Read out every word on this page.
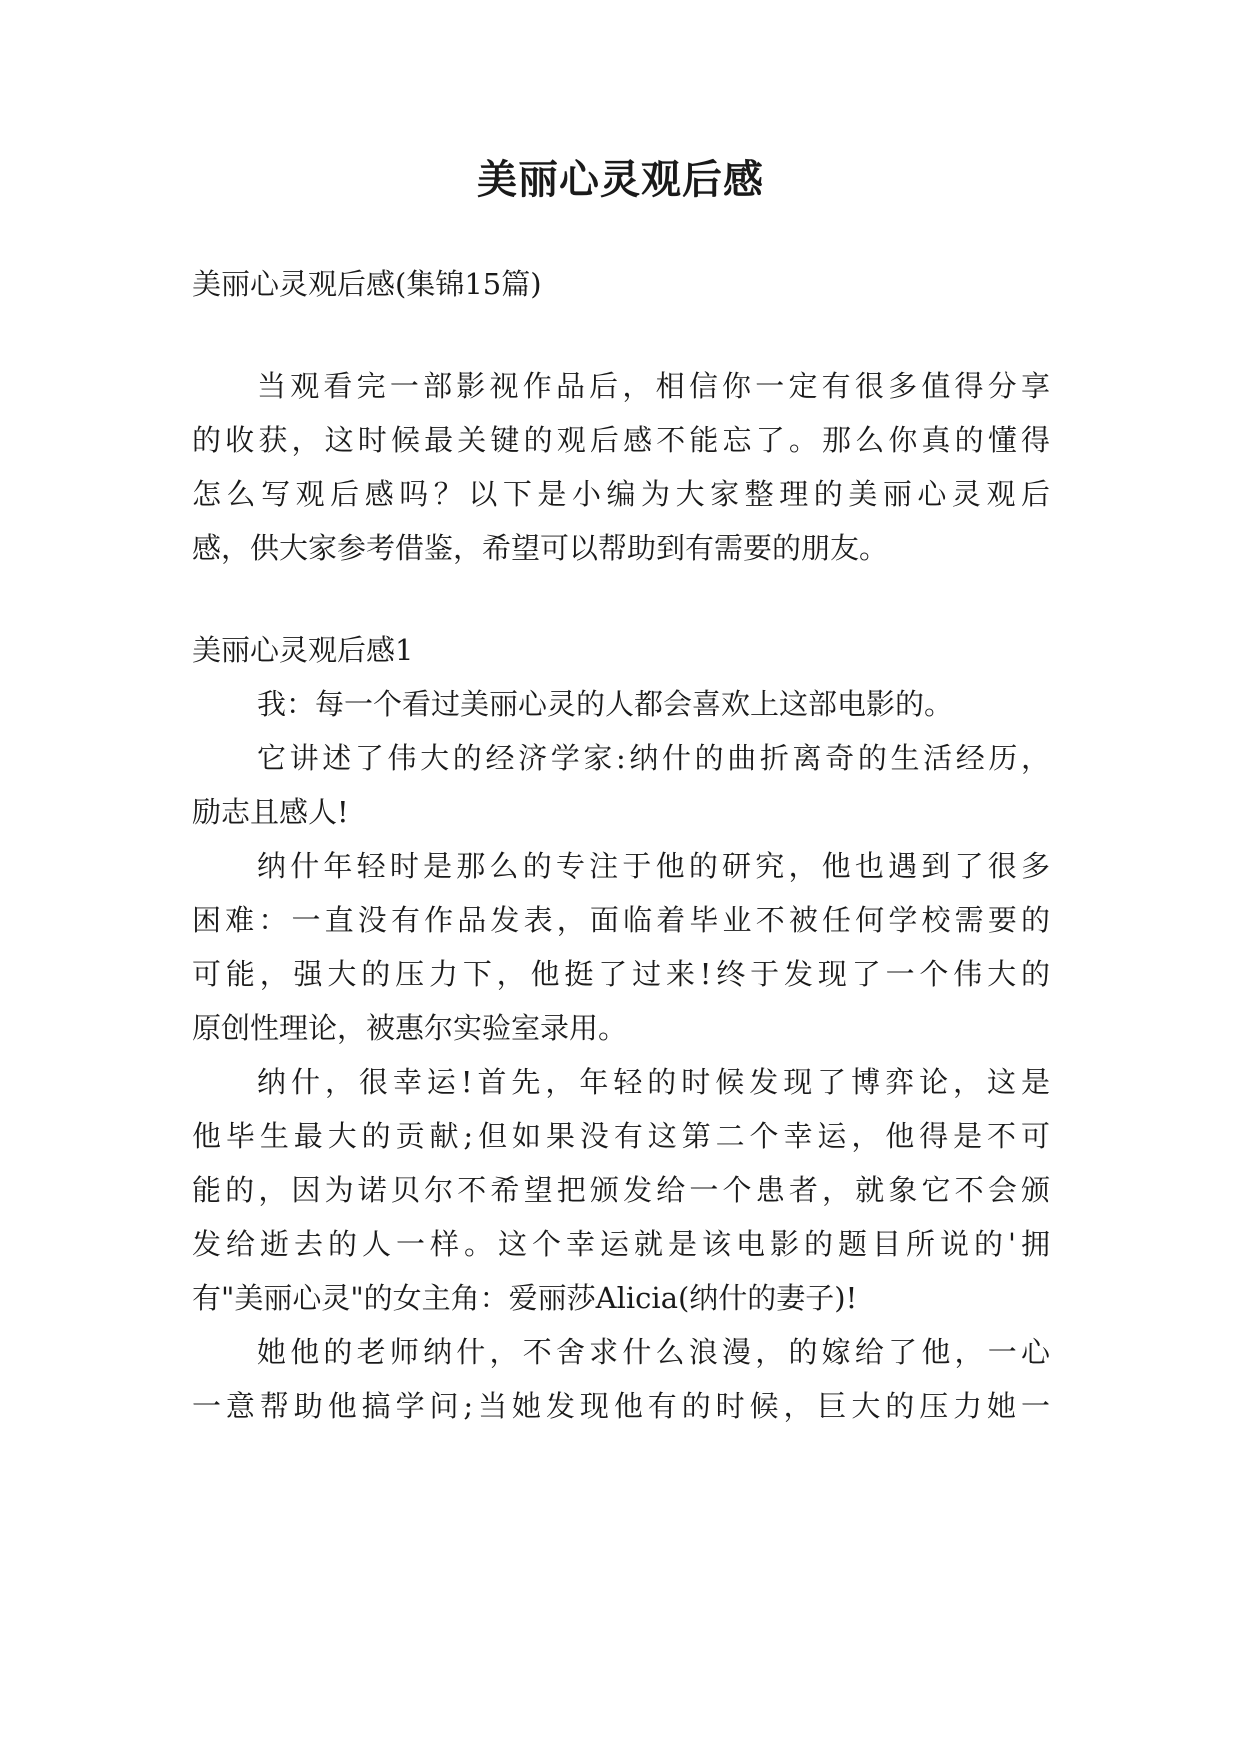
美丽心灵观后感

美丽心灵观后感(集锦15篇)

当观看完一部影视作品后，相信你一定有很多值得分享

的收获，这时候最关键的观后感不能忘了。那么你真的懂得

怎么写观后感吗？以下是小编为大家整理的美丽心灵观后

感，供大家参考借鉴，希望可以帮助到有需要的朋友。

美丽心灵观后感1

我：每一个看过美丽心灵的人都会喜欢上这部电影的。

它讲述了伟大的经济学家:纳什的曲折离奇的生活经历，

励志且感人!

纳什年轻时是那么的专注于他的研究，他也遇到了很多

困难：一直没有作品发表，面临着毕业不被任何学校需要的

可能，强大的压力下，他挺了过来!终于发现了一个伟大的

原创性理论，被惠尔实验室录用。

纳什，很幸运!首先，年轻的时候发现了博弈论，这是

他毕生最大的贡献;但如果没有这第二个幸运，他得是不可

能的，因为诺贝尔不希望把颁发给一个患者，就象它不会颁

发给逝去的人一样。这个幸运就是该电影的题目所说的'拥

有"美丽心灵"的女主角：爱丽莎Alicia(纳什的妻子)!

她他的老师纳什，不舍求什么浪漫，的嫁给了他，一心

一意帮助他搞学问;当她发现他有的时候，巨大的压力她一
